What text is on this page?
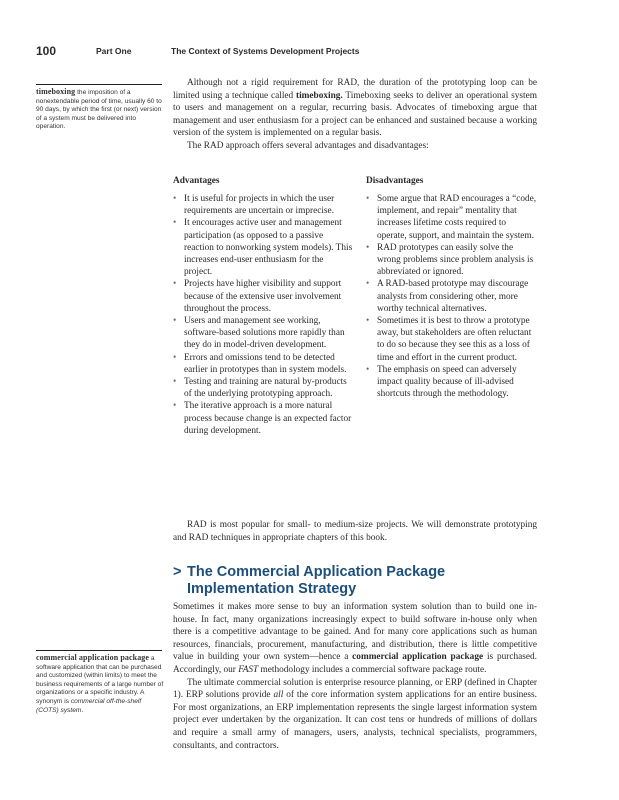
100	Part One	The Context of Systems Development Projects
timeboxing the imposition of a nonextendable period of time, usually 60 to 90 days, by which the first (or next) version of a system must be delivered into operation.

Although not a rigid requirement for RAD, the duration of the prototyping loop can be limited using a technique called timeboxing. Timeboxing seeks to deliver an operational system to users and management on a regular, recurring basis. Advocates of timeboxing argue that management and user enthusiasm for a project can be enhanced and sustained because a working version of the system is implemented on a regular basis.

The RAD approach offers several advantages and disadvantages:

Advantages
• It is useful for projects in which the user requirements are uncertain or imprecise.
• It encourages active user and management participation (as opposed to a passive reaction to nonworking system models). This increases end-user enthusiasm for the project.
• Projects have higher visibility and support because of the extensive user involvement throughout the process.
• Users and management see working, software-based solutions more rapidly than they do in model-driven development.
• Errors and omissions tend to be detected earlier in prototypes than in system models.
• Testing and training are natural by-products of the underlying prototyping approach.
• The iterative approach is a more natural process because change is an expected factor during development.
Disadvantages
• Some argue that RAD encourages a “code, implement, and repair” mentality that increases lifetime costs required to operate, support, and maintain the system.
• RAD prototypes can easily solve the wrong problems since problem analysis is abbreviated or ignored.
• A RAD-based prototype may discourage analysts from considering other, more worthy technical alternatives.
• Sometimes it is best to throw a prototype away, but stakeholders are often reluctant to do so because they see this as a loss of time and effort in the current product.
• The emphasis on speed can adversely impact quality because of ill-advised shortcuts through the methodology.

RAD is most popular for small- to medium-size projects. We will demonstrate prototyping and RAD techniques in appropriate chapters of this book.

> The Commercial Application Package
Implementation Strategy
commercial application package a software application that can be purchased and customized (within limits) to meet the business requirements of a large number of organizations or a specific industry. A synonym is commercial off-the-shelf (COTS) system.

Sometimes it makes more sense to buy an information system solution than to build one in-house. In fact, many organizations increasingly expect to build software in-house only when there is a competitive advantage to be gained. And for many core applications such as human resources, financials, procurement, manufacturing, and distribution, there is little competitive value in building your own system—hence a commercial application package is purchased. Accordingly, our FAST methodology includes a commercial software package route.

The ultimate commercial solution is enterprise resource planning, or ERP (defined in Chapter 1). ERP solutions provide all of the core information system applications for an entire business. For most organizations, an ERP implementation represents the single largest information system project ever undertaken by the organization. It can cost tens or hundreds of millions of dollars and require a small army of managers, users, analysts, technical specialists, programmers, consultants, and contractors.
